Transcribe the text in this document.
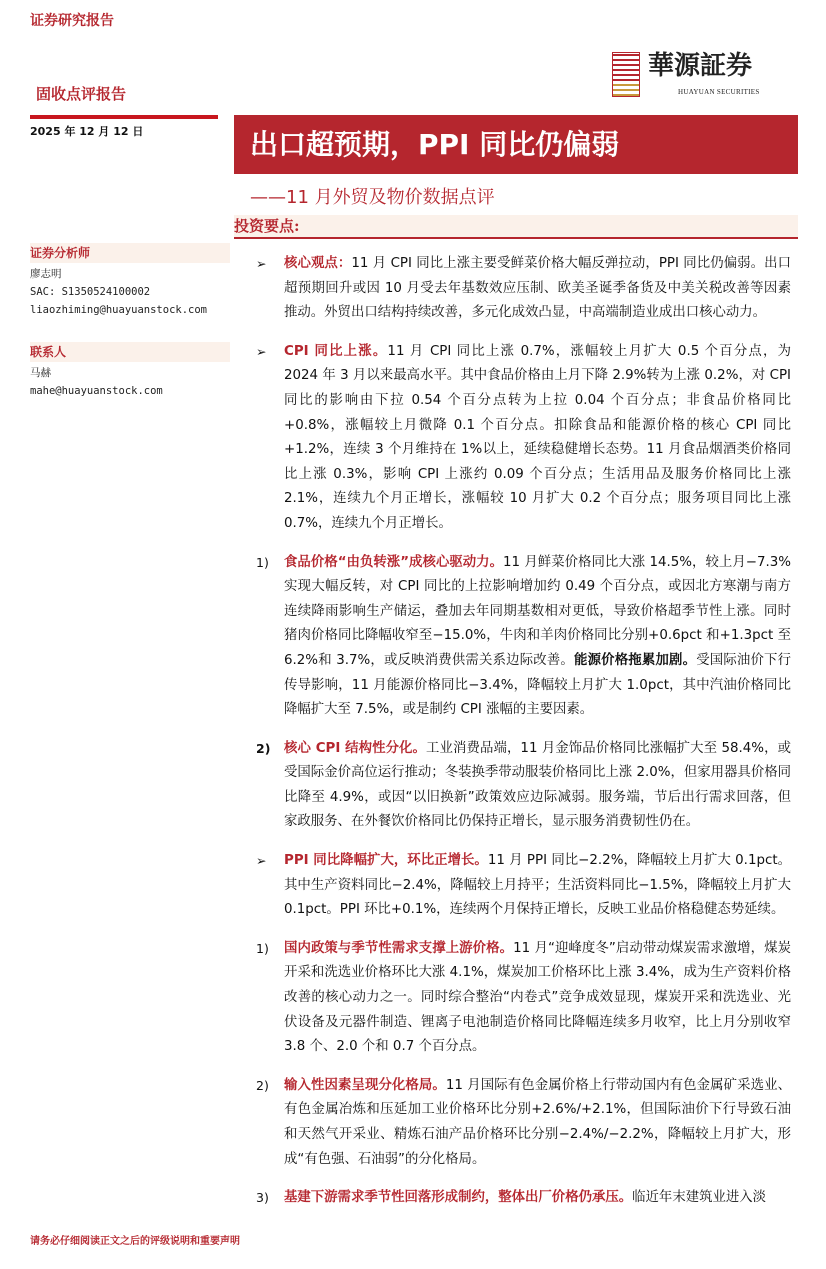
证券研究报告
固收点评报告
華源証券
HUAYUAN SECURITIES
2025 年 12 月 12 日	出口超预期，PPI 同比仍偏弱
——11 月外贸及物价数据点评
投资要点:
证券分析师
廖志明
SAC: S1350524100002
liaozhiming@huayuanstock.com
联系人
马赫
mahe@huayuanstock.com
➢ 核心观点：11 月 CPI 同比上涨主要受鲜菜价格大幅反弹拉动，PPI 同比仍偏弱。出口超预期回升或因 10 月受去年基数效应压制、欧美圣诞季备货及中美关税改善等因素推动。外贸出口结构持续改善，多元化成效凸显，中高端制造业成出口核心动力。
➢ CPI 同比上涨。11 月 CPI 同比上涨 0.7%，涨幅较上月扩大 0.5 个百分点，为 2024 年 3 月以来最高水平。其中食品价格由上月下降 2.9%转为上涨 0.2%，对 CPI 同比的影响由下拉 0.54 个百分点转为上拉 0.04 个百分点；非食品价格同比+0.8%，涨幅较上月微降 0.1 个百分点。扣除食品和能源价格的核心 CPI 同比+1.2%，连续 3 个月维持在 1%以上，延续稳健增长态势。11 月食品烟酒类价格同比上涨 0.3%，影响 CPI 上涨约 0.09 个百分点；生活用品及服务价格同比上涨 2.1%，连续九个月正增长，涨幅较 10 月扩大 0.2 个百分点；服务项目同比上涨 0.7%，连续九个月正增长。
1) 食品价格“由负转涨”成核心驱动力。11 月鲜菜价格同比大涨 14.5%，较上月−7.3%实现大幅反转，对 CPI 同比的上拉影响增加约 0.49 个百分点，或因北方寒潮与南方连续降雨影响生产储运，叠加去年同期基数相对更低，导致价格超季节性上涨。同时猪肉价格同比降幅收窄至−15.0%，牛肉和羊肉价格同比分别+0.6pct 和+1.3pct 至 6.2%和 3.7%，或反映消费供需关系边际改善。能源价格拖累加剧。受国际油价下行传导影响，11 月能源价格同比−3.4%，降幅较上月扩大 1.0pct，其中汽油价格同比降幅扩大至 7.5%，或是制约 CPI 涨幅的主要因素。
2) 核心 CPI 结构性分化。工业消费品端，11 月金饰品价格同比涨幅扩大至 58.4%，或受国际金价高位运行推动；冬装换季带动服装价格同比上涨 2.0%，但家用器具价格同比降至 4.9%，或因“以旧换新”政策效应边际减弱。服务端，节后出行需求回落，但家政服务、在外餐饮价格同比仍保持正增长，显示服务消费韧性仍在。
➢ PPI 同比降幅扩大，环比正增长。11 月 PPI 同比−2.2%，降幅较上月扩大 0.1pct。其中生产资料同比−2.4%，降幅较上月持平；生活资料同比−1.5%，降幅较上月扩大 0.1pct。PPI 环比+0.1%，连续两个月保持正增长，反映工业品价格稳健态势延续。
1) 国内政策与季节性需求支撑上游价格。11 月“迎峰度冬”启动带动煤炭需求激增，煤炭开采和洗选业价格环比大涨 4.1%，煤炭加工价格环比上涨 3.4%，成为生产资料价格改善的核心动力之一。同时综合整治“内卷式”竞争成效显现，煤炭开采和洗选业、光伏设备及元器件制造、锂离子电池制造价格同比降幅连续多月收窄，比上月分别收窄 3.8 个、2.0 个和 0.7 个百分点。
2) 输入性因素呈现分化格局。11 月国际有色金属价格上行带动国内有色金属矿采选业、有色金属冶炼和压延加工业价格环比分别+2.6%/+2.1%，但国际油价下行导致石油和天然气开采业、精炼石油产品价格环比分别−2.4%/−2.2%，降幅较上月扩大，形成“有色强、石油弱”的分化格局。
3) 基建下游需求季节性回落形成制约，整体出厂价格仍承压。临近年末建筑业进入淡
请务必仔细阅读正文之后的评级说明和重要声明
